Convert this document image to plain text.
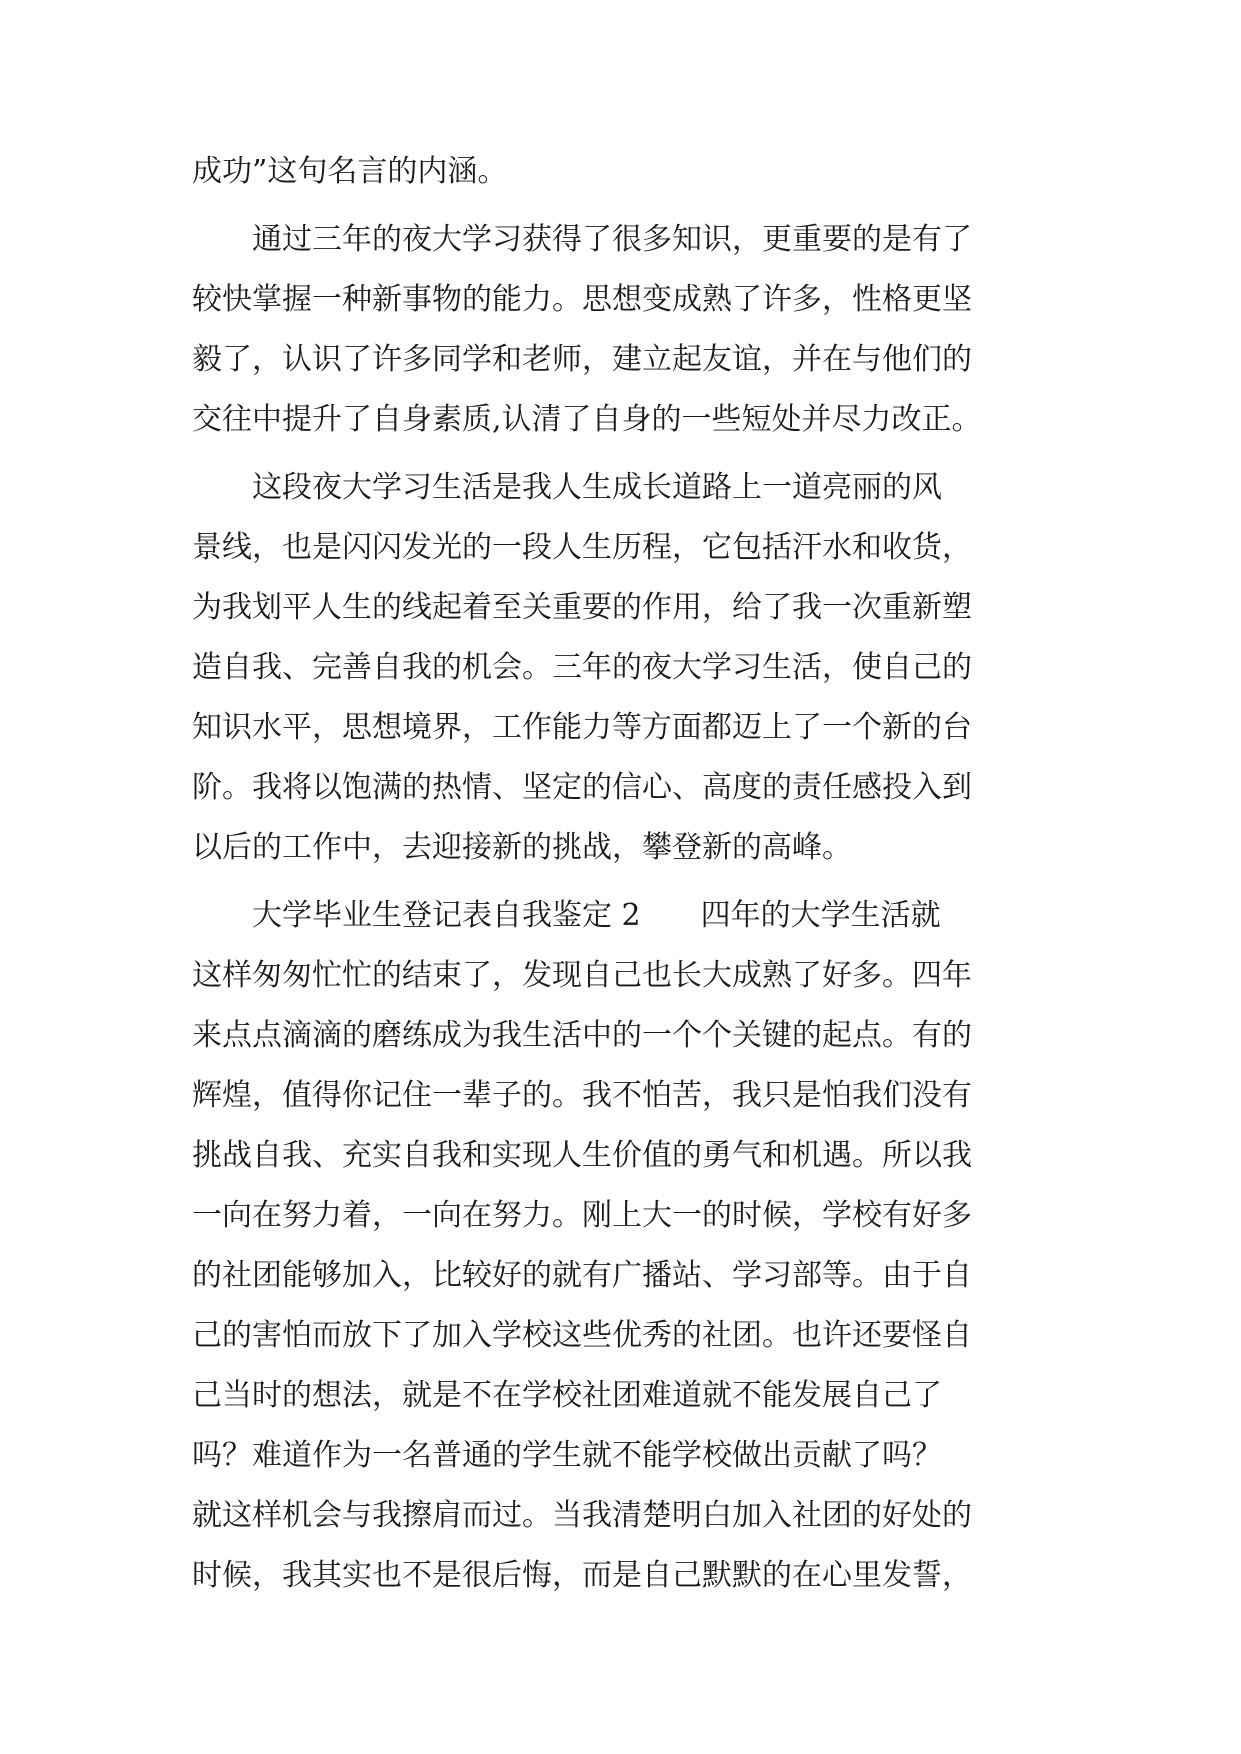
成功”这句名言的内涵。
　　通过三年的夜大学习获得了很多知识，更重要的是有了
较快掌握一种新事物的能力。思想变成熟了许多，性格更坚
毅了，认识了许多同学和老师，建立起友谊，并在与他们的
交往中提升了自身素质,认清了自身的一些短处并尽力改正。
　　这段夜大学习生活是我人生成长道路上一道亮丽的风
景线，也是闪闪发光的一段人生历程，它包括汗水和收货，
为我划平人生的线起着至关重要的作用，给了我一次重新塑
造自我、完善自我的机会。三年的夜大学习生活，使自己的
知识水平，思想境界，工作能力等方面都迈上了一个新的台
阶。我将以饱满的热情、坚定的信心、高度的责任感投入到
以后的工作中，去迎接新的挑战，攀登新的高峰。
　　大学毕业生登记表自我鉴定 2　　四年的大学生活就
这样匆匆忙忙的结束了，发现自己也长大成熟了好多。四年
来点点滴滴的磨练成为我生活中的一个个关键的起点。有的
辉煌，值得你记住一辈子的。我不怕苦，我只是怕我们没有
挑战自我、充实自我和实现人生价值的勇气和机遇。所以我
一向在努力着，一向在努力。刚上大一的时候，学校有好多
的社团能够加入，比较好的就有广播站、学习部等。由于自
己的害怕而放下了加入学校这些优秀的社团。也许还要怪自
己当时的想法，就是不在学校社团难道就不能发展自己了
吗？难道作为一名普通的学生就不能学校做出贡献了吗？
就这样机会与我擦肩而过。当我清楚明白加入社团的好处的
时候，我其实也不是很后悔，而是自己默默的在心里发誓，
